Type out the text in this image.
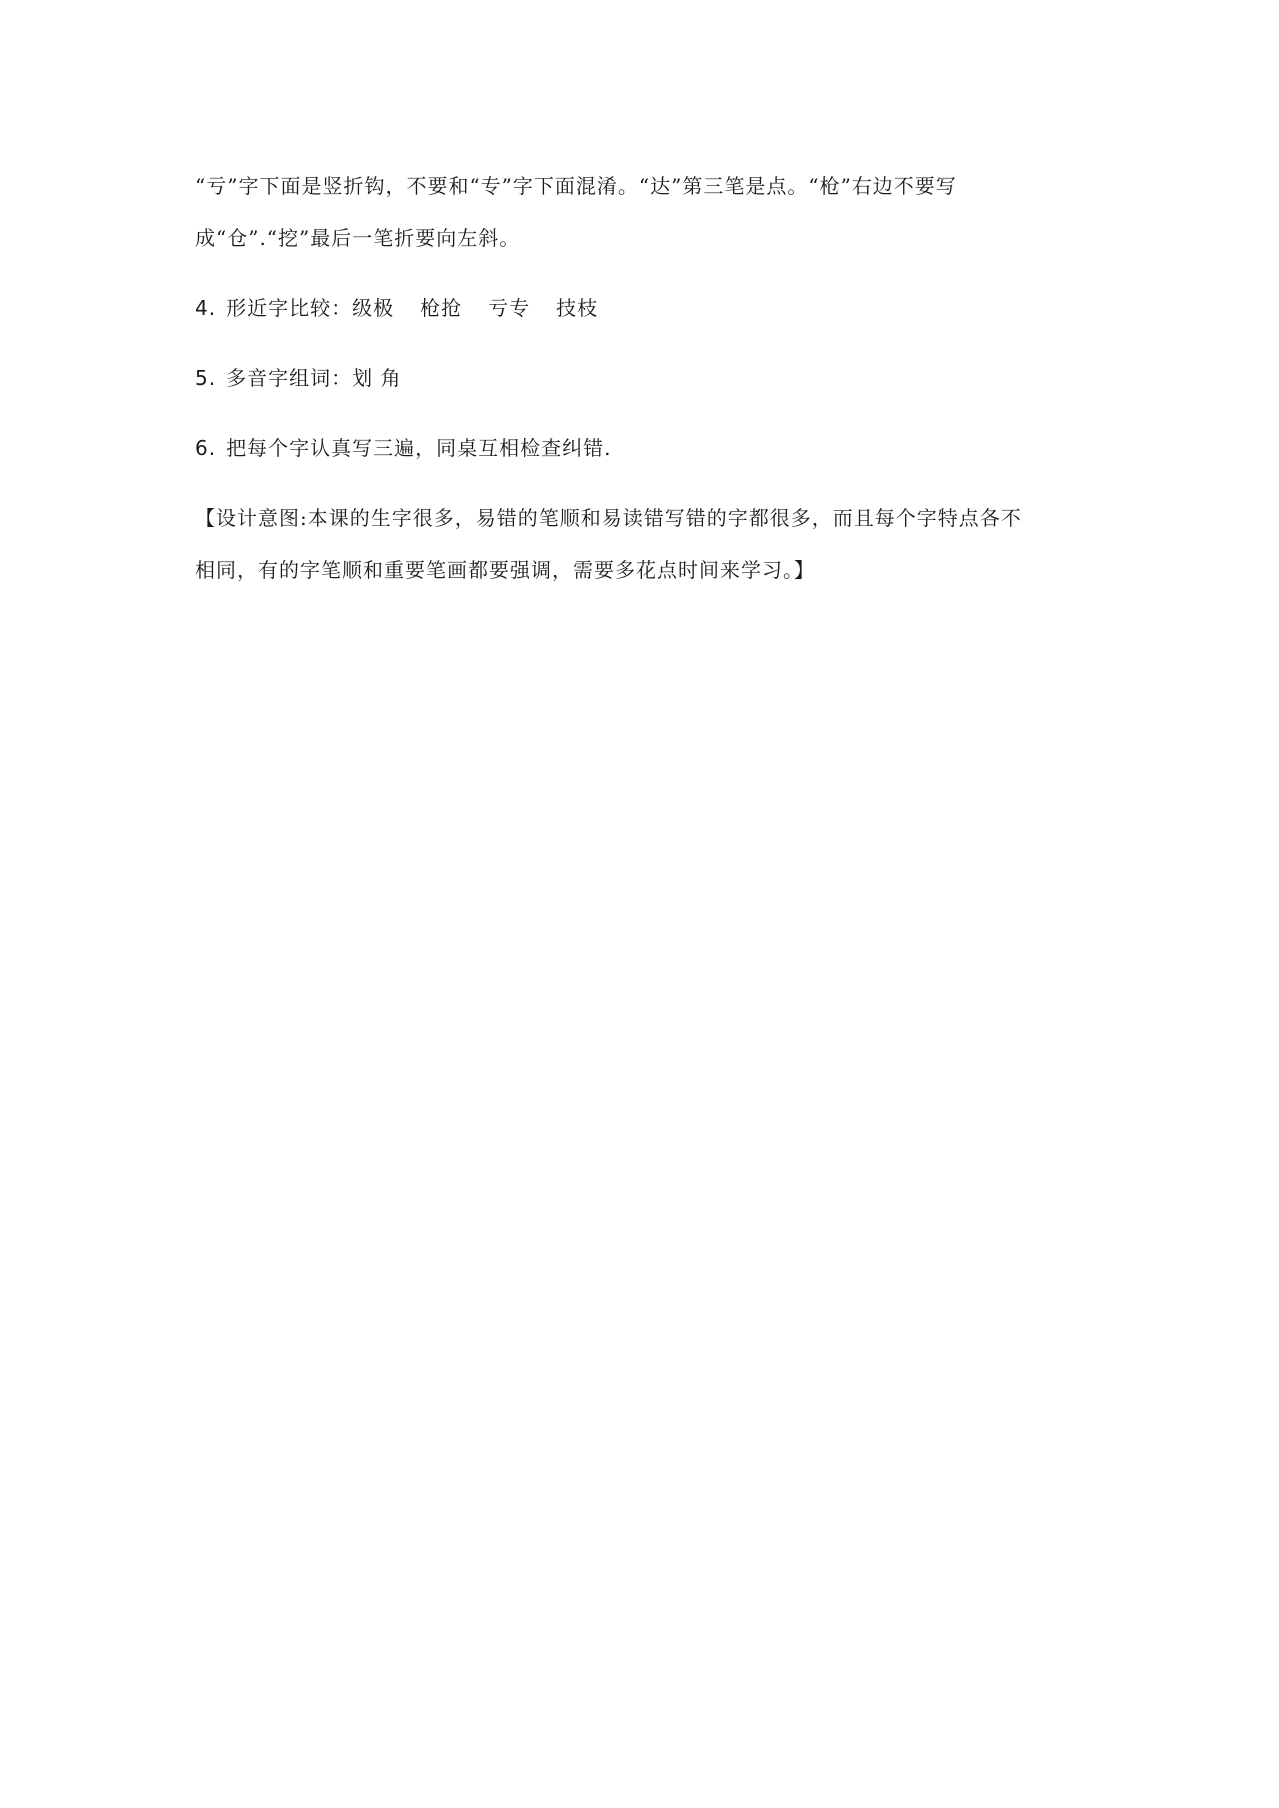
“亏”字下面是竖折钩，不要和“专”字下面混淆。“达”第三笔是点。“枪”右边不要写
成“仓”.“挖”最后一笔折要向左斜。

4. 形近字比较：级极 枪抢 亏专 技枝

5. 多音字组词：划 角

6. 把每个字认真写三遍，同桌互相检查纠错.

【设计意图:本课的生字很多，易错的笔顺和易读错写错的字都很多，而且每个字特点各不
相同，有的字笔顺和重要笔画都要强调，需要多花点时间来学习。】
